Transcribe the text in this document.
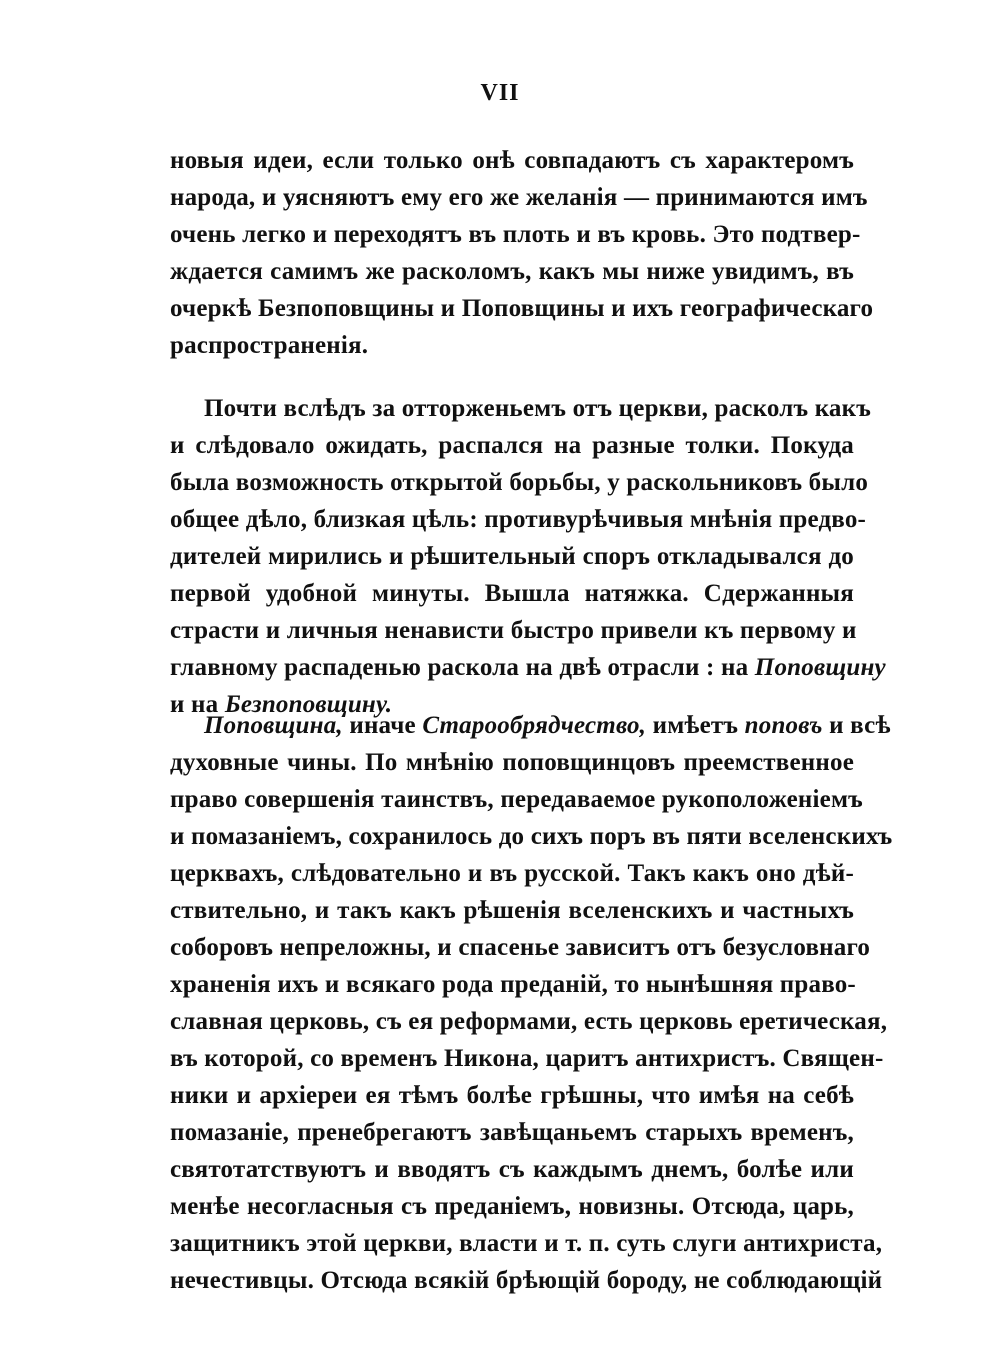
VII
новыя идеи, если только онѣ совпадаютъ съ характеромъ
народа, и уясняютъ ему его же желанія — принимаются имъ
очень легко и переходятъ въ плоть и въ кровь. Это подтвер-
ждается самимъ же расколомъ, какъ мы ниже увидимъ, въ
очеркѣ Безпоповщины и Поповщины и ихъ географическаго
распространенія.
Почти вслѣдъ за отторженьемъ отъ церкви, расколъ какъ
и слѣдовало ожидать, распался на разные толки. Покуда
была возможность открытой борьбы, у раскольниковъ было
общее дѣло, близкая цѣль: противурѣчивыя мнѣнія предво-
дителей мирились и рѣшительный споръ откладывался до
первой удобной минуты. Вышла натяжка. Сдержанныя
страсти и личныя ненависти быстро привели къ первому и
главному распаденью раскола на двѣ отрасли : на Поповщину
и на Безпоповщину.
Поповщина, иначе Старообрядчество, имѣетъ поповъ и всѣ
духовные чины. По мнѣнію поповщинцовъ преемственное
право совершенія таинствъ, передаваемое рукоположеніемъ
и помазаніемъ, сохранилось до сихъ поръ въ пяти вселенскихъ
церквахъ, слѣдовательно и въ русской. Такъ какъ оно дѣй-
ствительно, и такъ какъ рѣшенія вселенскихъ и частныхъ
соборовъ непреложны, и спасенье зависитъ отъ безусловнаго
храненія ихъ и всякаго рода преданій, то нынѣшняя право-
славная церковь, съ ея реформами, есть церковь еретическая,
въ которой, со временъ Никона, царитъ антихристъ. Священ-
ники и архіереи ея тѣмъ болѣе грѣшны, что имѣя на себѣ
помазаніе, пренебрегаютъ завѣщаньемъ старыхъ временъ,
святотатствуютъ и вводятъ съ каждымъ днемъ, болѣе или
менѣе несогласныя съ преданіемъ, новизны. Отсюда, царь,
защитникъ этой церкви, власти и т. п. суть слуги антихриста,
нечестивцы. Отсюда всякій брѣющій бороду, не соблюдающій
